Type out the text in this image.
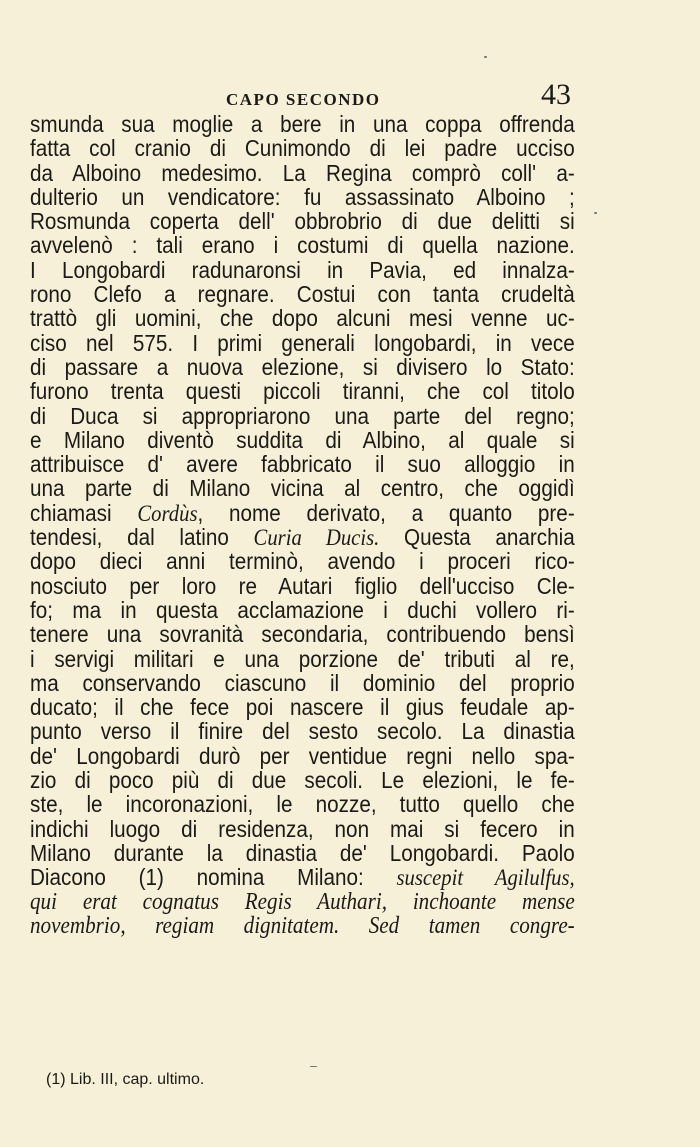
CAPO SECONDO	43
smunda sua moglie a bere in una coppa offrenda
fatta col cranio di Cunimondo di lei padre ucciso
da Alboino medesimo. La Regina comprò coll' a-
dulterio un vendicatore: fu assassinato Alboino ;
Rosmunda coperta dell' obbrobrio di due delitti si
avvelenò : tali erano i costumi di quella nazione.
I Longobardi radunaronsi in Pavia, ed innalza-
rono Clefo a regnare. Costui con tanta crudeltà
trattò gli uomini, che dopo alcuni mesi venne uc-
ciso nel 575. I primi generali longobardi, in vece
di passare a nuova elezione, si divisero lo Stato:
furono trenta questi piccoli tiranni, che col titolo
di Duca si appropriarono una parte del regno;
e Milano diventò suddita di Albino, al quale si
attribuisce d' avere fabbricato il suo alloggio in
una parte di Milano vicina al centro, che oggidì
chiamasi Cordùs, nome derivato, a quanto pre-
tendesi, dal latino Curia Ducis. Questa anarchia
dopo dieci anni terminò, avendo i proceri rico-
nosciuto per loro re Autari figlio dell'ucciso Cle-
fo; ma in questa acclamazione i duchi vollero ri-
tenere una sovranità secondaria, contribuendo bensì
i servigi militari e una porzione de' tributi al re,
ma conservando ciascuno il dominio del proprio
ducato; il che fece poi nascere il gius feudale ap-
punto verso il finire del sesto secolo. La dinastia
de' Longobardi durò per ventidue regni nello spa-
zio di poco più di due secoli. Le elezioni, le fe-
ste, le incoronazioni, le nozze, tutto quello che
indichi luogo di residenza, non mai si fecero in
Milano durante la dinastia de' Longobardi. Paolo
Diacono (1) nomina Milano: suscepit Agilulfus,
qui erat cognatus Regis Authari, inchoante mense
novembrio, regiam dignitatem. Sed tamen congre-
(1) Lib. III, cap. ultimo.
